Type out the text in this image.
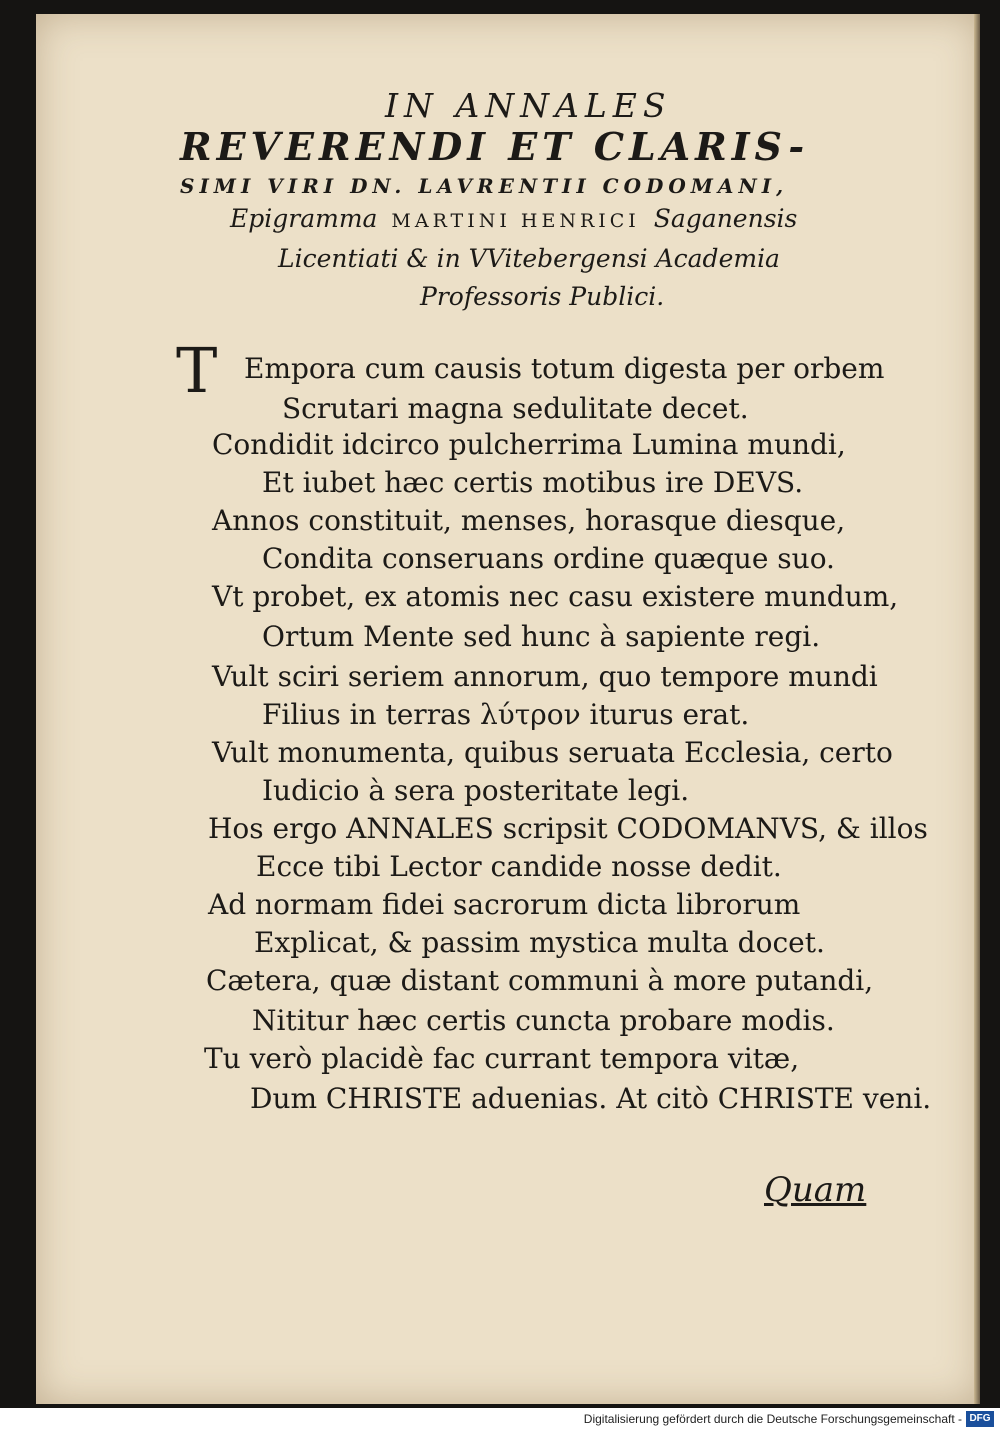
IN ANNALES
REVERENDI ET CLARIS-
SIMI VIRI DN. LAVRENTII CODOMANI,
Epigramma MARTINI HENRICI Saganensis
Licentiati & in VVitebergensi Academia
Professoris Publici.
T Empora cum causis totum digesta per orbem
Scrutari magna sedulitate decet.
Condidit idcirco pulcherrima Lumina mundi,
Et iubet hæc certis motibus ire DEVS.
Annos constituit, menses, horasque diesque,
Condita conseruans ordine quæque suo.
Vt probet, ex atomis nec casu existere mundum,
Ortum Mente sed hunc à sapiente regi.
Vult sciri seriem annorum, quo tempore mundi
Filius in terras λύτρον iturus erat.
Vult monumenta, quibus seruata Ecclesia, certo
Iudicio à sera posteritate legi.
Hos ergo ANNALES scripsit CODOMANVS, & illos
Ecce tibi Lector candide nosse dedit.
Ad normam fidei sacrorum dicta librorum
Explicat, & passim mystica multa docet.
Cætera, quæ distant communi à more putandi,
Nititur hæc certis cuncta probare modis.
Tu verò placidè fac currant tempora vitæ,
Dum CHRISTE aduenias. At citò CHRISTE veni.
Quam
Digitalisierung gefördert durch die Deutsche Forschungsgemeinschaft - DFG
